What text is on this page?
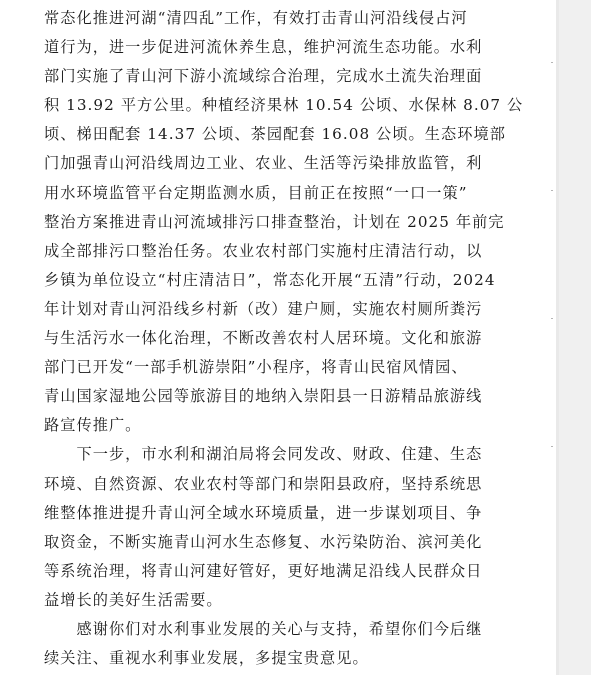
常态化推进河湖“清四乱”工作，有效打击青山河沿线侵占河
道行为，进一步促进河流休养生息，维护河流生态功能。水利
部门实施了青山河下游小流域综合治理，完成水土流失治理面
积 13.92 平方公里。种植经济果林 10.54 公顷、水保林 8.07 公
顷、梯田配套 14.37 公顷、茶园配套 16.08 公顷。生态环境部
门加强青山河沿线周边工业、农业、生活等污染排放监管，利
用水环境监管平台定期监测水质，目前正在按照“一口一策”
整治方案推进青山河流域排污口排查整治，计划在 2025 年前完
成全部排污口整治任务。农业农村部门实施村庄清洁行动，以
乡镇为单位设立“村庄清洁日”，常态化开展“五清”行动，2024
年计划对青山河沿线乡村新（改）建户厕，实施农村厕所粪污
与生活污水一体化治理，不断改善农村人居环境。文化和旅游
部门已开发“一部手机游崇阳”小程序，将青山民宿风情园、
青山国家湿地公园等旅游目的地纳入崇阳县一日游精品旅游线
路宣传推广。
　　下一步，市水利和湖泊局将会同发改、财政、住建、生态
环境、自然资源、农业农村等部门和崇阳县政府，坚持系统思
维整体推进提升青山河全域水环境质量，进一步谋划项目、争
取资金，不断实施青山河水生态修复、水污染防治、滨河美化
等系统治理，将青山河建好管好，更好地满足沿线人民群众日
益增长的美好生活需要。
　　感谢你们对水利事业发展的关心与支持，希望你们今后继
续关注、重视水利事业发展，多提宝贵意见。
